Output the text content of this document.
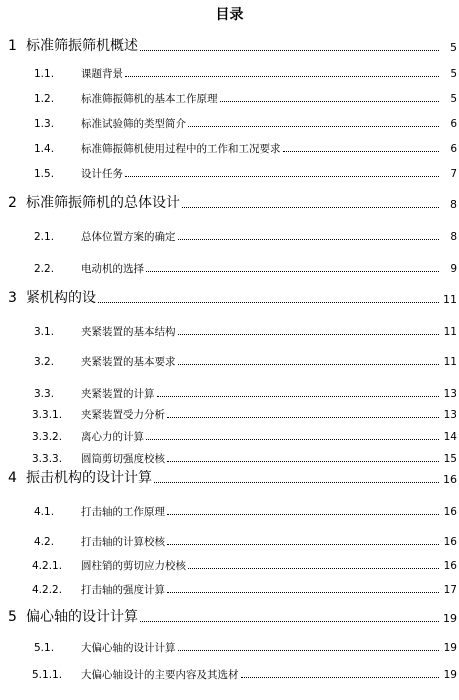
目录
1 标准筛振筛机概述	5
1.1.	课题背景	5
1.2.	标准筛振筛机的基本工作原理	5
1.3.	标准试验筛的类型简介	6
1.4.	标准筛振筛机使用过程中的工作和工况要求	6
1.5.	设计任务	7
2 标准筛振筛机的总体设计	8
2.1.	总体位置方案的确定	8
2.2.	电动机的选择	9
3 紧机构的设	11
3.1.	夹紧装置的基本结构	11
3.2.	夹紧装置的基本要求	11
3.3.	夹紧装置的计算	13
3.3.1. 夹紧装置受力分析	13
3.3.2. 离心力的计算	14
3.3.3. 圆筒剪切强度校核	15
4 振击机构的设计计算	16
4.1.	打击轴的工作原理	16
4.2.	打击轴的计算校核	16
4.2.1. 圆柱销的剪切应力校核	16
4.2.2. 打击轴的强度计算	17
5 偏心轴的设计计算	19
5.1.	大偏心轴的设计计算	19
5.1.1. 大偏心轴设计的主要内容及其选材	19
